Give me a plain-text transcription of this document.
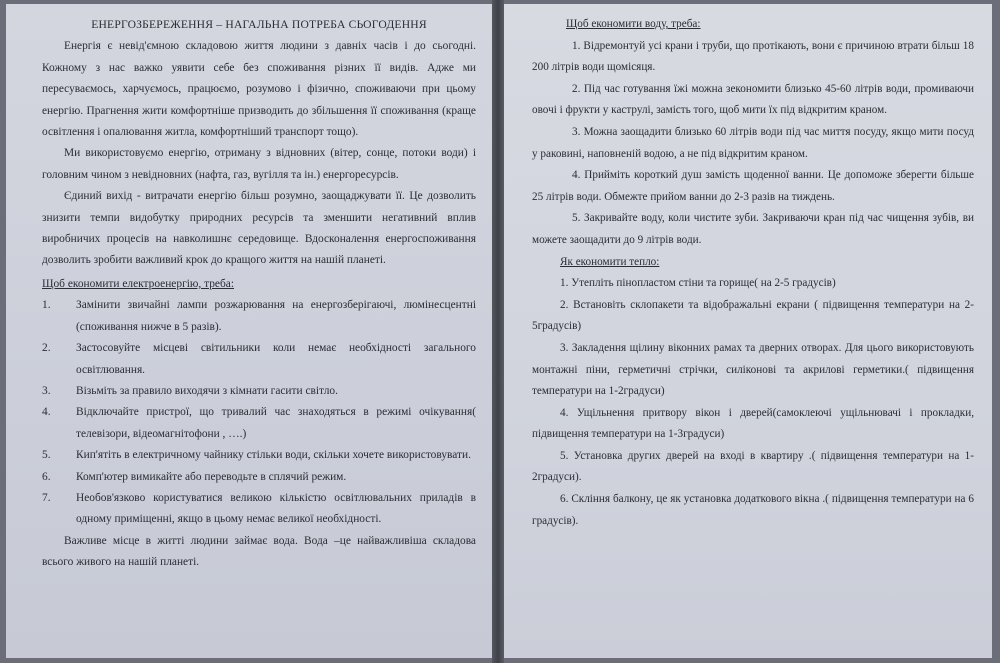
ЕНЕРГОЗБЕРЕЖЕННЯ – НАГАЛЬНА ПОТРЕБА СЬОГОДЕННЯ

Енергія є невід'ємною складовою життя людини з давніх часів і до сьогодні. Кожному з нас важко уявити себе без споживання різних її видів. Адже ми пересуваємось, харчуємось, працюємо, розумово і фізично, споживаючи при цьому енергію. Прагнення жити комфортніше призводить до збільшення її споживання (краще освітлення і опалювання житла, комфортніший транспорт тощо).

Ми використовуємо енергію, отриману з відновних (вітер, сонце, потоки води) і головним чином з невідновних (нафта, газ, вугілля та ін.) енергоресурсів.

Єдиний вихід - витрачати енергію більш розумно, заощаджувати її. Це дозволить знизити темпи видобутку природних ресурсів та зменшити негативний вплив виробничих процесів на навколишнє середовище. Вдосконалення енергоспоживання дозволить зробити важливий крок до кращого життя на нашій планеті.

Щоб економити електроенергію, треба:

1.	Замінити звичайні лампи розжарювання на енергозберігаючі, люмінесцентні (споживання нижче в 5 разів).

2.	Застосовуйте місцеві світильники коли немає необхідності загального освітлювання.

3.	Візьміть за правило виходячи з кімнати гасити світло.

4.	Відключайте пристрої, що тривалий час знаходяться в режимі очікування( телевізори, відеомагнітофони , ….)

5.	Кип'ятіть в електричному чайнику стільки води, скільки хочете використовувати.

6.	Комп'ютер вимикайте або переводьте в сплячий режим.

7.	Необов'язково користуватися великою кількістю освітлювальних приладів в одному приміщенні, якщо в цьому немає великої необхідності.

Важливе місце в житті людини займає вода. Вода –це найважливіша складова всього живого на нашій планеті.

Щоб економити воду, треба:

1. Відремонтуй усі крани і труби, що протікають, вони є причиною втрати більш 18 200 літрів води щомісяця.

2. Під час готування їжі можна зекономити близько 45-60 літрів води, промиваючи овочі і фрукти у каструлі, замість того, щоб мити їх під відкритим краном.

3. Можна заощадити близько 60 літрів води під час миття посуду, якщо мити посуд у раковині, наповненій водою, а не під відкритим краном.

4. Прийміть короткий душ замість щоденної ванни. Це допоможе зберегти більше 25 літрів води. Обмежте прийом ванни до 2-3 разів на тиждень.

5. Закривайте воду, коли чистите зуби. Закриваючи кран під час чищення зубів, ви можете заощадити до 9 літрів води.

Як економити тепло:

1. Утепліть пінопластом стіни та горище( на 2-5 градусів)

2. Встановіть склопакети та відображальні екрани ( підвищення температури на 2-5градусів)

3. Закладення щілину віконних рамах та дверних отворах. Для цього використовують монтажні піни, герметичні стрічки, силіконові та акрилові герметики.( підвищення температури на 1-2градуси)

4. Ущільнення притвору вікон і дверей(самоклеючі ущільнювачі і прокладки, підвищення температури на 1-3градуси)

5. Установка других дверей на вході в квартиру .( підвищення температури на 1-2градуси).

6. Скління балконy, це як установка додаткового вікна .( підвищення температури на 6 градусів).
